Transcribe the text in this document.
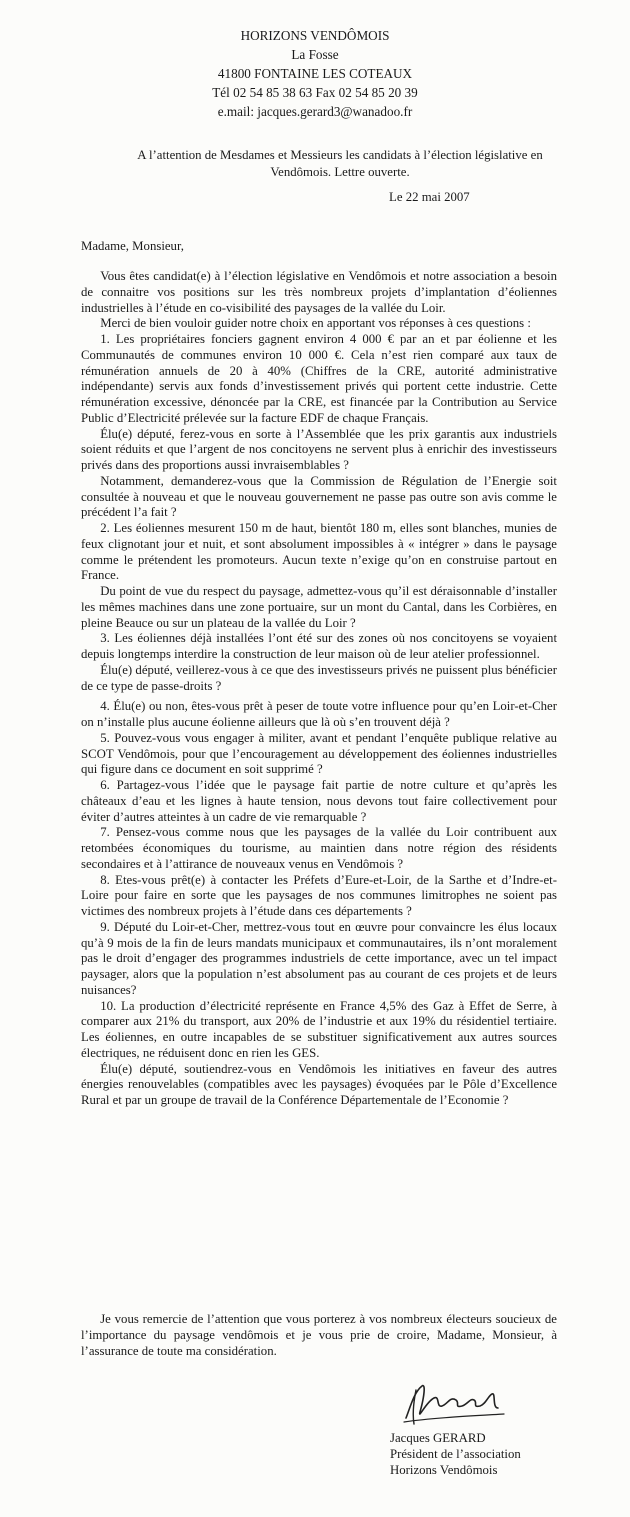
HORIZONS VENDÔMOIS
La Fosse
41800 FONTAINE LES COTEAUX
Tél 02 54 85 38 63 Fax 02 54 85 20 39
e.mail: jacques.gerard3@wanadoo.fr
A l’attention de Mesdames et Messieurs les candidats à l’élection législative en Vendômois. Lettre ouverte.
Le 22 mai 2007
Madame, Monsieur,

Vous êtes candidat(e) à l’élection législative en Vendômois et notre association a besoin de connaitre vos positions sur les très nombreux projets d’implantation d’éoliennes industrielles à l’étude en co-visibilité des paysages de la vallée du Loir.

Merci de bien vouloir guider notre choix en apportant vos réponses à ces questions :

1. Les propriétaires fonciers gagnent environ 4 000 € par an et par éolienne et les Communautés de communes environ 10 000 €. Cela n’est rien comparé aux taux de rémunération annuels de 20 à 40% (Chiffres de la CRE, autorité administrative indépendante) servis aux fonds d’investissement privés qui portent cette industrie. Cette rémunération excessive, dénoncée par la CRE, est financée par la Contribution au Service Public d’Electricité prélevée sur la facture EDF de chaque Français.

Élu(e) député, ferez-vous en sorte à l’Assemblée que les prix garantis aux industriels soient réduits et que l’argent de nos concitoyens ne servent plus à enrichir des investisseurs privés dans des proportions aussi invraisemblables ?

Notamment, demanderez-vous que la Commission de Régulation de l’Energie soit consultée à nouveau et que le nouveau gouvernement ne passe pas outre son avis comme le précédent l’a fait ?

2. Les éoliennes mesurent 150 m de haut, bientôt 180 m, elles sont blanches, munies de feux clignotant jour et nuit, et sont absolument impossibles à « intégrer » dans le paysage comme le prétendent les promoteurs. Aucun texte n’exige qu’on en construise partout en France.

Du point de vue du respect du paysage, admettez-vous qu’il est déraisonnable d’installer les mêmes machines dans une zone portuaire, sur un mont du Cantal, dans les Corbières, en pleine Beauce ou sur un plateau de la vallée du Loir ?

3. Les éoliennes déjà installées l’ont été sur des zones où nos concitoyens se voyaient depuis longtemps interdire la construction de leur maison où de leur atelier professionnel.

Élu(e) député, veillerez-vous à ce que des investisseurs privés ne puissent plus bénéficier de ce type de passe-droits ?

4. Élu(e) ou non, êtes-vous prêt à peser de toute votre influence pour qu’en Loir-et-Cher on n’installe plus aucune éolienne ailleurs que là où s’en trouvent déjà ?

5. Pouvez-vous vous engager à militer, avant et pendant l’enquête publique relative au SCOT Vendômois, pour que l’encouragement au développement des éoliennes industrielles qui figure dans ce document en soit supprimé ?

6. Partagez-vous l’idée que le paysage fait partie de notre culture et qu’après les châteaux d’eau et les lignes à haute tension, nous devons tout faire collectivement pour éviter d’autres atteintes à un cadre de vie remarquable ?

7. Pensez-vous comme nous que les paysages de la vallée du Loir contribuent aux retombées économiques du tourisme, au maintien dans notre région des résidents secondaires et à l’attirance de nouveaux venus en Vendômois ?

8. Etes-vous prêt(e) à contacter les Préfets d’Eure-et-Loir, de la Sarthe et d’Indre-et-Loire pour faire en sorte que les paysages de nos communes limitrophes ne soient pas victimes des nombreux projets à l’étude dans ces départements ?

9. Député du Loir-et-Cher, mettrez-vous tout en œuvre pour convaincre les élus locaux qu’à 9 mois de la fin de leurs mandats municipaux et communautaires, ils n’ont moralement pas le droit d’engager des programmes industriels de cette importance, avec un tel impact paysager, alors que la population n’est absolument pas au courant de ces projets et de leurs nuisances?

10. La production d’électricité représente en France 4,5% des Gaz à Effet de Serre, à comparer aux 21% du transport, aux 20% de l’industrie et aux 19% du résidentiel tertiaire. Les éoliennes, en outre incapables de se substituer significativement aux autres sources électriques, ne réduisent donc en rien les GES.

Élu(e) député, soutiendrez-vous en Vendômois les initiatives en faveur des autres énergies renouvelables (compatibles avec les paysages) évoquées par le Pôle d’Excellence Rural et par un groupe de travail de la Conférence Départementale de l’Economie ?

Je vous remercie de l’attention que vous porterez à vos nombreux électeurs soucieux de l’importance du paysage vendômois et je vous prie de croire, Madame, Monsieur, à l’assurance de toute ma considération.
Jacques GERARD
Président de l’association
Horizons Vendômois
